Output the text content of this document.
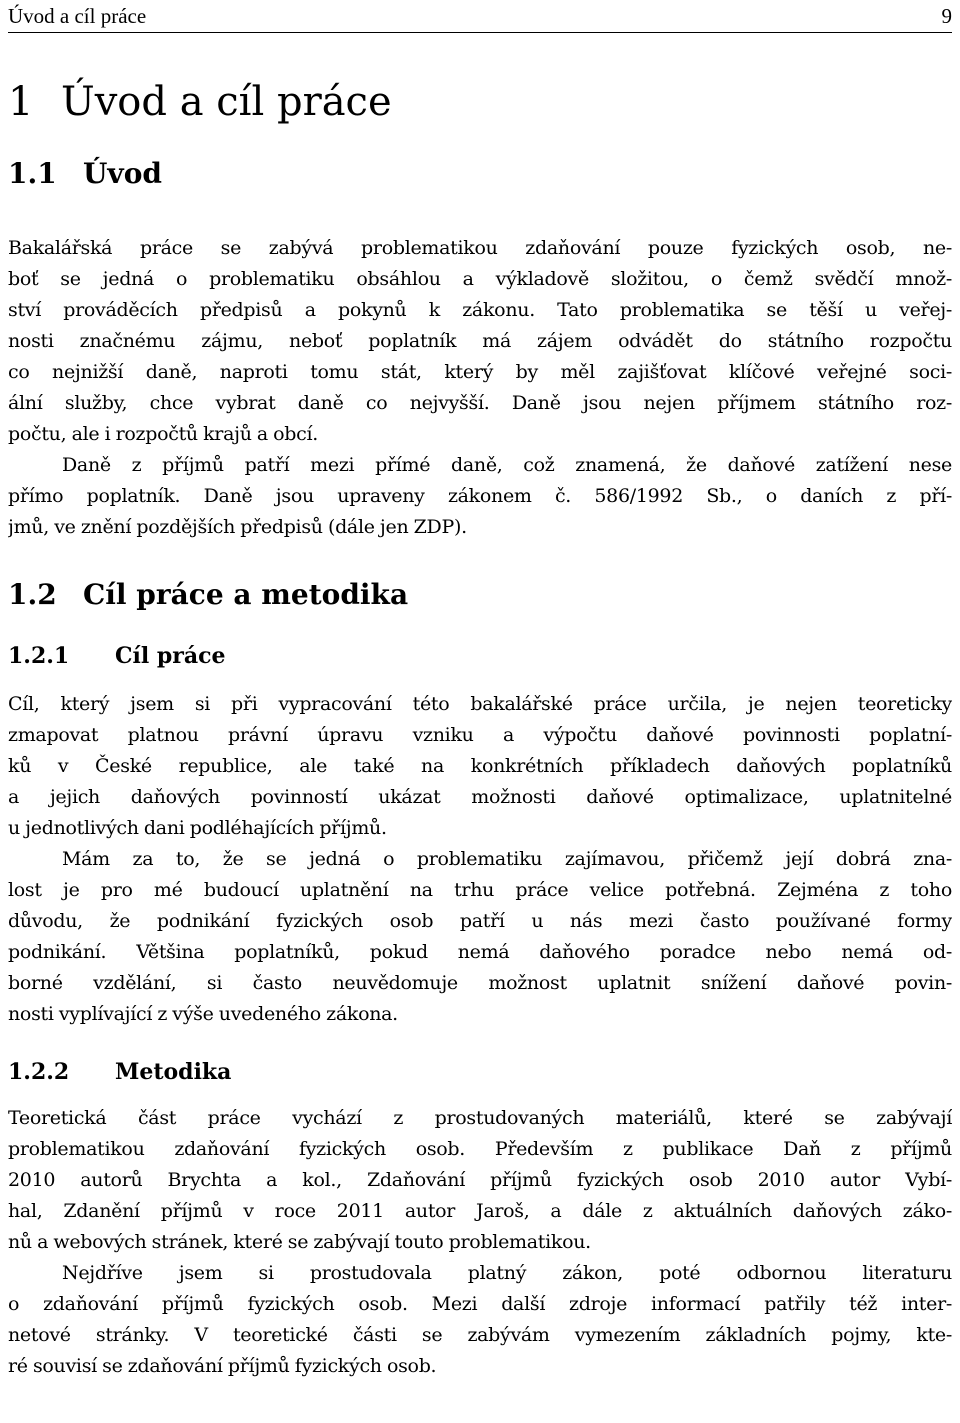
Úvod a cíl práce	9
1 Úvod a cíl práce
1.1 Úvod
Bakalářská práce se zabývá problematikou zdaňování pouze fyzických osob, ne-
boť se jedná o problematiku obsáhlou a výkladově složitou, o čemž svědčí množ-
ství prováděcích předpisů a pokynů k zákonu. Tato problematika se těší u veřej-
nosti značnému zájmu, neboť poplatník má zájem odvádět do státního rozpočtu
co nejnižší daně, naproti tomu stát, který by měl zajišťovat klíčové veřejné soci-
ální služby, chce vybrat daně co nejvyšší. Daně jsou nejen příjmem státního roz-
počtu, ale i rozpočtů krajů a obcí.
Daně z příjmů patří mezi přímé daně, což znamená, že daňové zatížení nese
přímo poplatník. Daně jsou upraveny zákonem č. 586/1992 Sb., o daních z pří-
jmů, ve znění pozdějších předpisů (dále jen ZDP).
1.2 Cíl práce a metodika
1.2.1	Cíl práce
Cíl, který jsem si při vypracování této bakalářské práce určila, je nejen teoreticky
zmapovat platnou právní úpravu vzniku a výpočtu daňové povinnosti poplatní-
ků v České republice, ale také na konkrétních příkladech daňových poplatníků
a jejich daňových povinností ukázat možnosti daňové optimalizace, uplatnitelné
u jednotlivých dani podléhajících příjmů.
Mám za to, že se jedná o problematiku zajímavou, přičemž její dobrá zna-
lost je pro mé budoucí uplatnění na trhu práce velice potřebná. Zejména z toho
důvodu, že podnikání fyzických osob patří u nás mezi často používané formy
podnikání. Většina poplatníků, pokud nemá daňového poradce nebo nemá od-
borné vzdělání, si často neuvědomuje možnost uplatnit snížení daňové povin-
nosti vyplívající z výše uvedeného zákona.
1.2.2	Metodika
Teoretická část práce vychází z prostudovaných materiálů, které se zabývají
problematikou zdaňování fyzických osob. Především z publikace Daň z příjmů
2010 autorů Brychta a kol., Zdaňování příjmů fyzických osob 2010 autor Vybí-
hal, Zdanění příjmů v roce 2011 autor Jaroš, a dále z aktuálních daňových záko-
nů a webových stránek, které se zabývají touto problematikou.
Nejdříve jsem si prostudovala platný zákon, poté odbornou literaturu
o zdaňování příjmů fyzických osob. Mezi další zdroje informací patřily též inter-
netové stránky. V teoretické části se zabývám vymezením základních pojmy, kte-
ré souvisí se zdaňování příjmů fyzických osob.
